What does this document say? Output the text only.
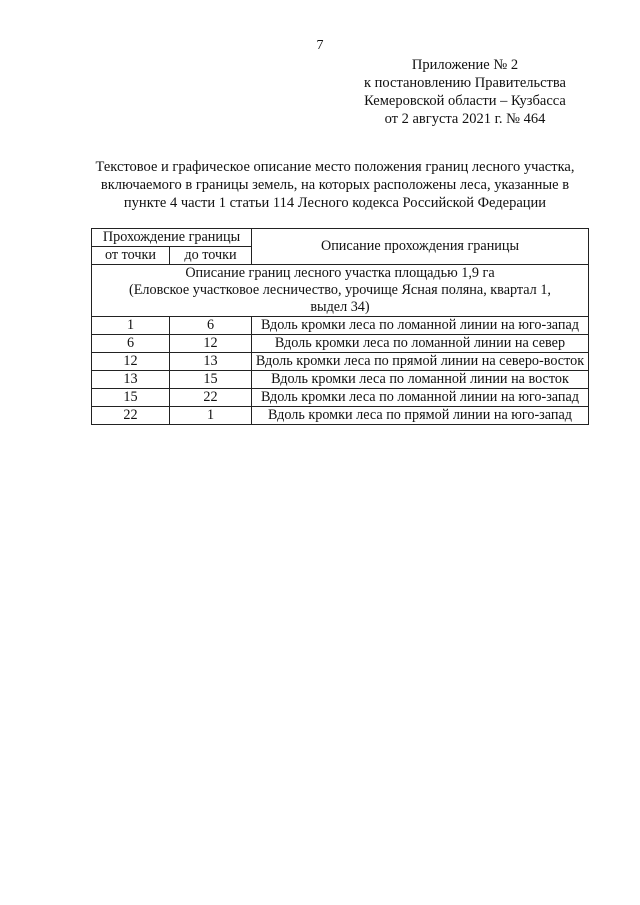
7
Приложение № 2
к постановлению Правительства
Кемеровской области – Кузбасса
от 2 августа 2021 г. № 464
Текстовое и графическое описание место положения границ лесного участка,
включаемого в границы земель, на которых расположены леса, указанные в
пункте 4 части 1 статьи 114 Лесного кодекса Российской Федерации
Прохождение границы		Описание прохождения границы
от точки	до точки	

Описание границ лесного участка площадью 1,9 га
(Еловское участковое лесничество, урочище Ясная поляна, квартал 1,
выдел 34)		

1	6	Вдоль кромки леса по ломанной линии на юго-запад
6	12	Вдоль кромки леса по ломанной линии на север
12	13	Вдоль кромки леса по прямой линии на северо-восток
13	15	Вдоль кромки леса по ломанной линии на восток
15	22	Вдоль кромки леса по ломанной линии на юго-запад
22	1	Вдоль кромки леса по прямой линии на юго-запад
